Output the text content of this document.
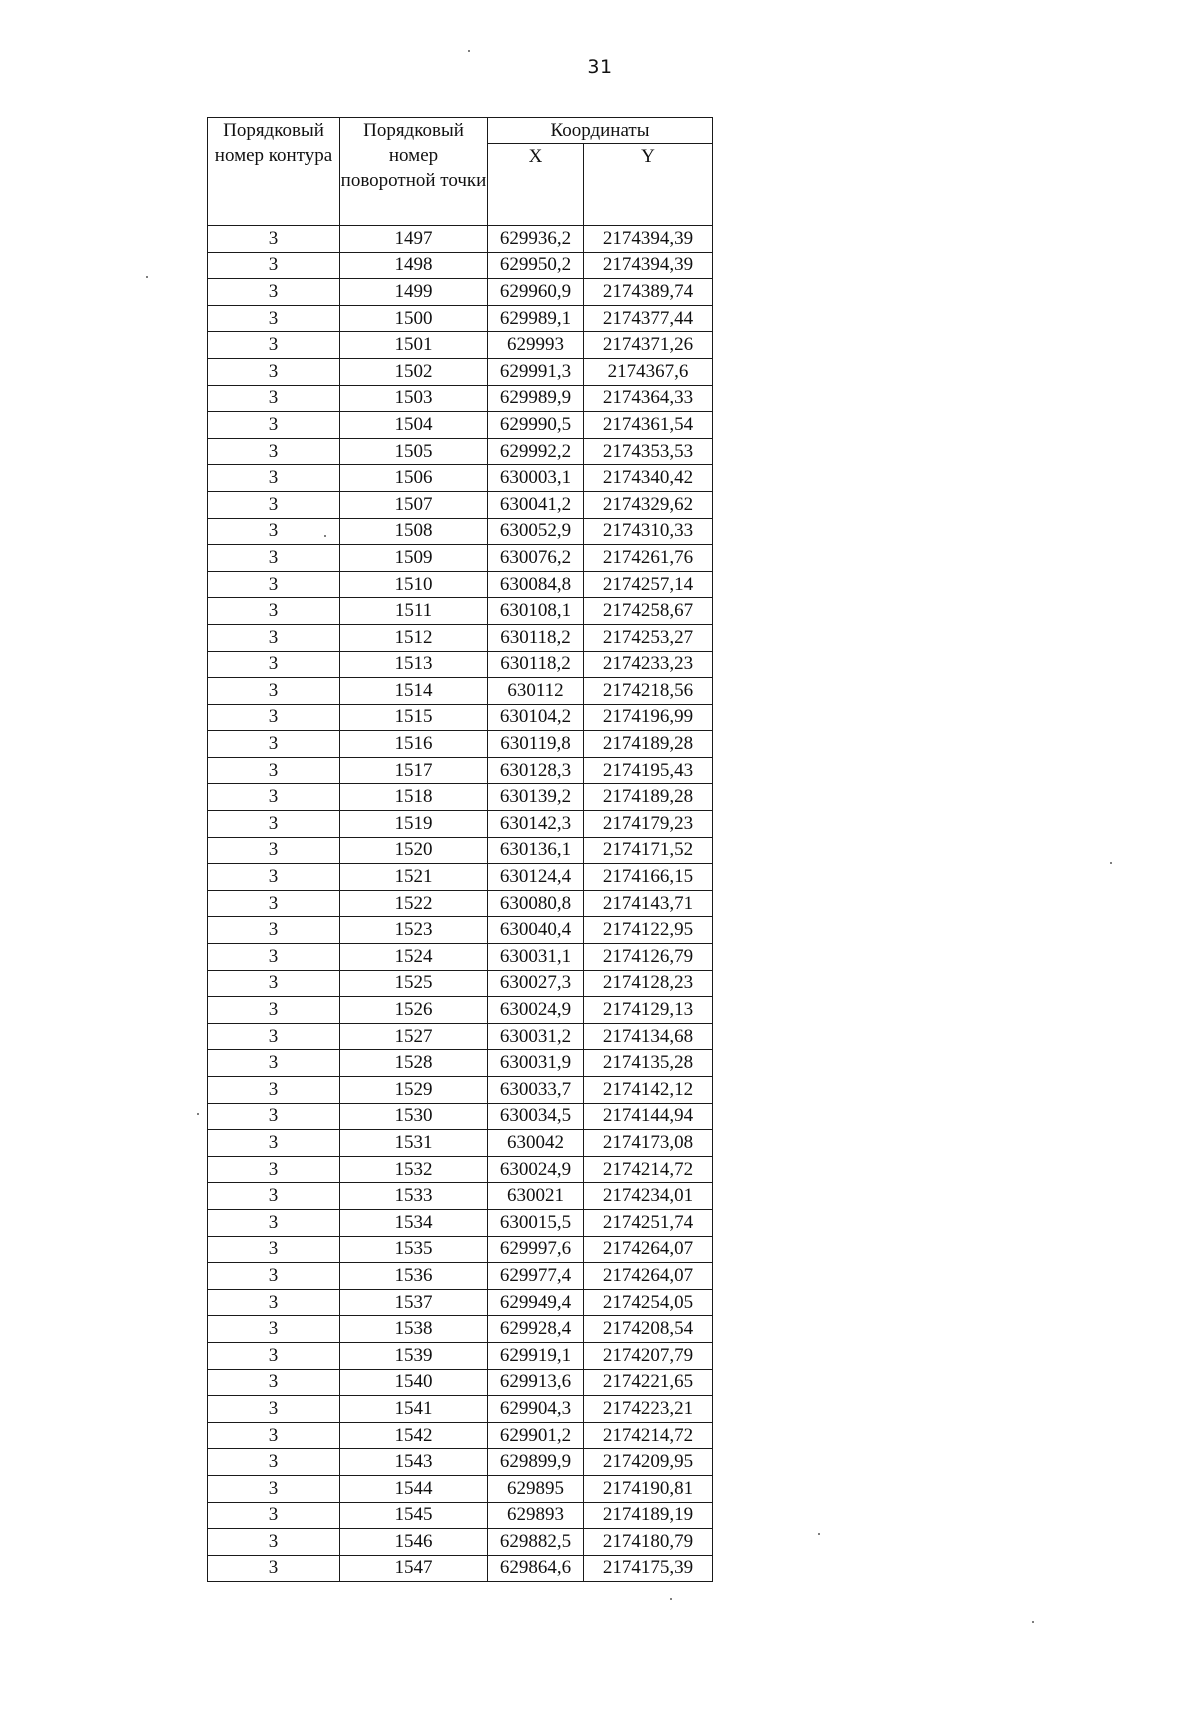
31
Порядковый номер контура	Порядковый номер поворотной точки	Координаты	
		X	Y
3	1497	629936,2	2174394,39
3	1498	629950,2	2174394,39
3	1499	629960,9	2174389,74
3	1500	629989,1	2174377,44
3	1501	629993	2174371,26
3	1502	629991,3	2174367,6
3	1503	629989,9	2174364,33
3	1504	629990,5	2174361,54
3	1505	629992,2	2174353,53
3	1506	630003,1	2174340,42
3	1507	630041,2	2174329,62
3	1508	630052,9	2174310,33
3	1509	630076,2	2174261,76
3	1510	630084,8	2174257,14
3	1511	630108,1	2174258,67
3	1512	630118,2	2174253,27
3	1513	630118,2	2174233,23
3	1514	630112	2174218,56
3	1515	630104,2	2174196,99
3	1516	630119,8	2174189,28
3	1517	630128,3	2174195,43
3	1518	630139,2	2174189,28
3	1519	630142,3	2174179,23
3	1520	630136,1	2174171,52
3	1521	630124,4	2174166,15
3	1522	630080,8	2174143,71
3	1523	630040,4	2174122,95
3	1524	630031,1	2174126,79
3	1525	630027,3	2174128,23
3	1526	630024,9	2174129,13
3	1527	630031,2	2174134,68
3	1528	630031,9	2174135,28
3	1529	630033,7	2174142,12
3	1530	630034,5	2174144,94
3	1531	630042	2174173,08
3	1532	630024,9	2174214,72
3	1533	630021	2174234,01
3	1534	630015,5	2174251,74
3	1535	629997,6	2174264,07
3	1536	629977,4	2174264,07
3	1537	629949,4	2174254,05
3	1538	629928,4	2174208,54
3	1539	629919,1	2174207,79
3	1540	629913,6	2174221,65
3	1541	629904,3	2174223,21
3	1542	629901,2	2174214,72
3	1543	629899,9	2174209,95
3	1544	629895	2174190,81
3	1545	629893	2174189,19
3	1546	629882,5	2174180,79
3	1547	629864,6	2174175,39
